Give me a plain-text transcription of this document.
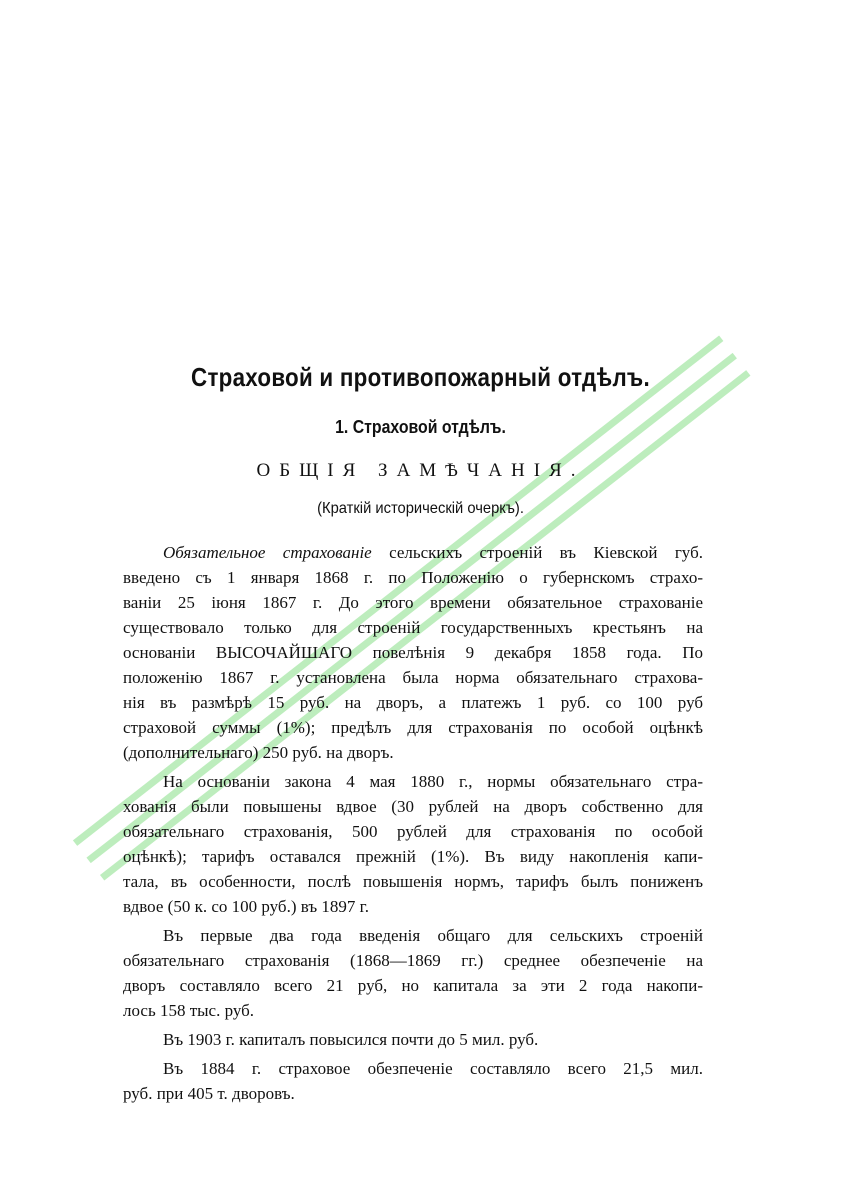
Страховой и противопожарный отдѣлъ.
1. Страховой отдѣлъ.
ОБЩІЯ ЗАМѢЧАНІЯ.
(Краткій историческій очеркъ).
Обязательное страхованіе сельскихъ строеній въ Кіевской губ.
введено съ 1 января 1868 г. по Положенію о губернскомъ страхо-
ваніи 25 іюня 1867 г. До этого времени обязательное страхованіе
существовало только для строеній государственныхъ крестьянъ на
основаніи ВЫСОЧАЙШАГО повелѣнія 9 декабря 1858 года. По
положенію 1867 г. установлена была норма обязательнаго страхова-
нія въ размѣрѣ 15 руб. на дворъ, а платежъ 1 руб. со 100 руб
страховой суммы (1%); предѣлъ для страхованія по особой оцѣнкѣ
(дополнительнаго) 250 руб. на дворъ.
На основаніи закона 4 мая 1880 г., нормы обязательнаго стра-
хованія были повышены вдвое (30 рублей на дворъ собственно для
обязательнаго страхованія, 500 рублей для страхованія по особой
оцѣнкѣ); тарифъ оставался прежній (1%). Въ виду накопленія капи-
тала, въ особенности, послѣ повышенія нормъ, тарифъ былъ пониженъ
вдвое (50 к. со 100 руб.) въ 1897 г.
Въ первые два года введенія общаго для сельскихъ строеній
обязательнаго страхованія (1868—1869 гг.) среднее обезпеченіе на
дворъ составляло всего 21 руб, но капитала за эти 2 года накопи-
лось 158 тыс. руб.
Въ 1903 г. капиталъ повысился почти до 5 мил. руб.
Въ 1884 г. страховое обезпеченіе составляло всего 21,5 мил.
руб. при 405 т. дворовъ.
